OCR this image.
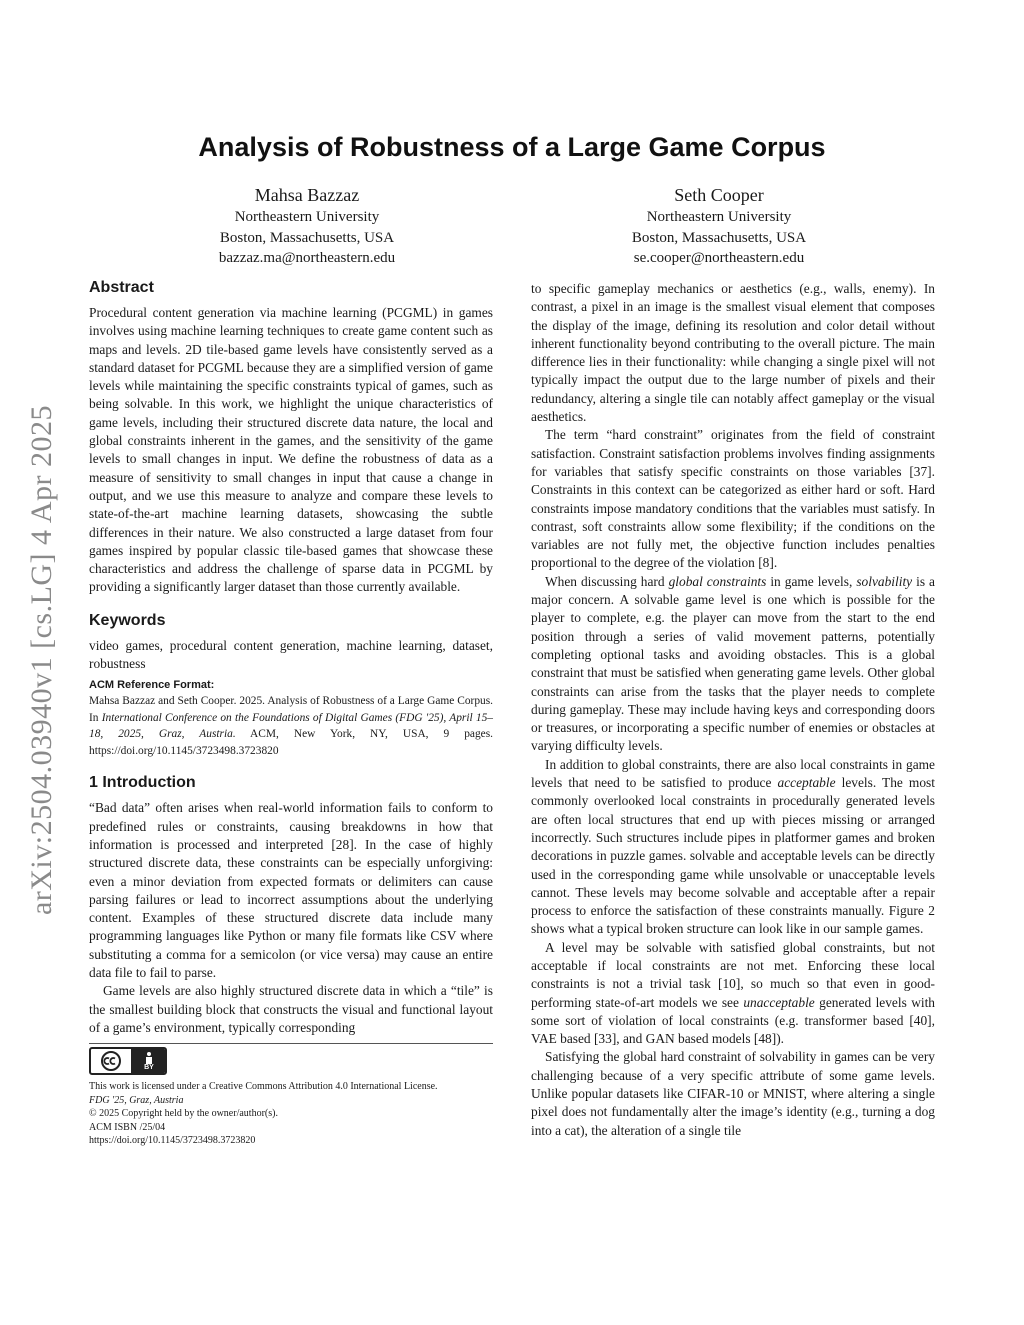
arXiv:2504.03940v1 [cs.LG] 4 Apr 2025
Analysis of Robustness of a Large Game Corpus
Mahsa Bazzaz
Northeastern University
Boston, Massachusetts, USA
bazzaz.ma@northeastern.edu
Seth Cooper
Northeastern University
Boston, Massachusetts, USA
se.cooper@northeastern.edu
Abstract

Procedural content generation via machine learning (PCGML) in games involves using machine learning techniques to create game content such as maps and levels. 2D tile-based game levels have consistently served as a standard dataset for PCGML because they are a simplified version of game levels while maintaining the specific constraints typical of games, such as being solvable. In this work, we highlight the unique characteristics of game levels, including their structured discrete data nature, the local and global constraints inherent in the games, and the sensitivity of the game levels to small changes in input. We define the robustness of data as a measure of sensitivity to small changes in input that cause a change in output, and we use this measure to analyze and compare these levels to state-of-the-art machine learning datasets, showcasing the subtle differences in their nature. We also constructed a large dataset from four games inspired by popular classic tile-based games that showcase these characteristics and address the challenge of sparse data in PCGML by providing a significantly larger dataset than those currently available.

Keywords

video games, procedural content generation, machine learning, dataset, robustness

ACM Reference Format:

Mahsa Bazzaz and Seth Cooper. 2025. Analysis of Robustness of a Large Game Corpus. In International Conference on the Foundations of Digital Games (FDG '25), April 15–18, 2025, Graz, Austria. ACM, New York, NY, USA, 9 pages. https://doi.org/10.1145/3723498.3723820

1 Introduction

“Bad data” often arises when real-world information fails to conform to predefined rules or constraints, causing breakdowns in how that information is processed and interpreted [28]. In the case of highly structured discrete data, these constraints can be especially unforgiving: even a minor deviation from expected formats or delimiters can cause parsing failures or lead to incorrect assumptions about the underlying content. Examples of these structured discrete data include many programming languages like Python or many file formats like CSV where substituting a comma for a semicolon (or vice versa) may cause an entire data file to fail to parse.

Game levels are also highly structured discrete data in which a “tile” is the smallest building block that constructs the visual and functional layout of a game’s environment, typically corresponding

BY
This work is licensed under a Creative Commons Attribution 4.0 International License.
FDG '25, Graz, Austria
© 2025 Copyright held by the owner/author(s).
ACM ISBN /25/04
https://doi.org/10.1145/3723498.3723820

to specific gameplay mechanics or aesthetics (e.g., walls, enemy). In contrast, a pixel in an image is the smallest visual element that composes the display of the image, defining its resolution and color detail without inherent functionality beyond contributing to the overall picture. The main difference lies in their functionality: while changing a single pixel will not typically impact the output due to the large number of pixels and their redundancy, altering a single tile can notably affect gameplay or the visual aesthetics.

The term “hard constraint” originates from the field of constraint satisfaction. Constraint satisfaction problems involves finding assignments for variables that satisfy specific constraints on those variables [37]. Constraints in this context can be categorized as either hard or soft. Hard constraints impose mandatory conditions that the variables must satisfy. In contrast, soft constraints allow some flexibility; if the conditions on the variables are not fully met, the objective function includes penalties proportional to the degree of the violation [8].

When discussing hard global constraints in game levels, solvability is a major concern. A solvable game level is one which is possible for the player to complete, e.g. the player can move from the start to the end position through a series of valid movement patterns, potentially completing optional tasks and avoiding obstacles. This is a global constraint that must be satisfied when generating game levels. Other global constraints can arise from the tasks that the player needs to complete during gameplay. These may include having keys and corresponding doors or treasures, or incorporating a specific number of enemies or obstacles at varying difficulty levels.

In addition to global constraints, there are also local constraints in game levels that need to be satisfied to produce acceptable levels. The most commonly overlooked local constraints in procedurally generated levels are often local structures that end up with pieces missing or arranged incorrectly. Such structures include pipes in platformer games and broken decorations in puzzle games. solvable and acceptable levels can be directly used in the corresponding game while unsolvable or unacceptable levels cannot. These levels may become solvable and acceptable after a repair process to enforce the satisfaction of these constraints manually. Figure 2 shows what a typical broken structure can look like in our sample games.

A level may be solvable with satisfied global constraints, but not acceptable if local constraints are not met. Enforcing these local constraints is not a trivial task [10], so much so that even in good-performing state-of-art models we see unacceptable generated levels with some sort of violation of local constraints (e.g. transformer based [40], VAE based [33], and GAN based models [48]).

Satisfying the global hard constraint of solvability in games can be very challenging because of a very specific attribute of some game levels. Unlike popular datasets like CIFAR-10 or MNIST, where altering a single pixel does not fundamentally alter the image’s identity (e.g., turning a dog into a cat), the alteration of a single tile
